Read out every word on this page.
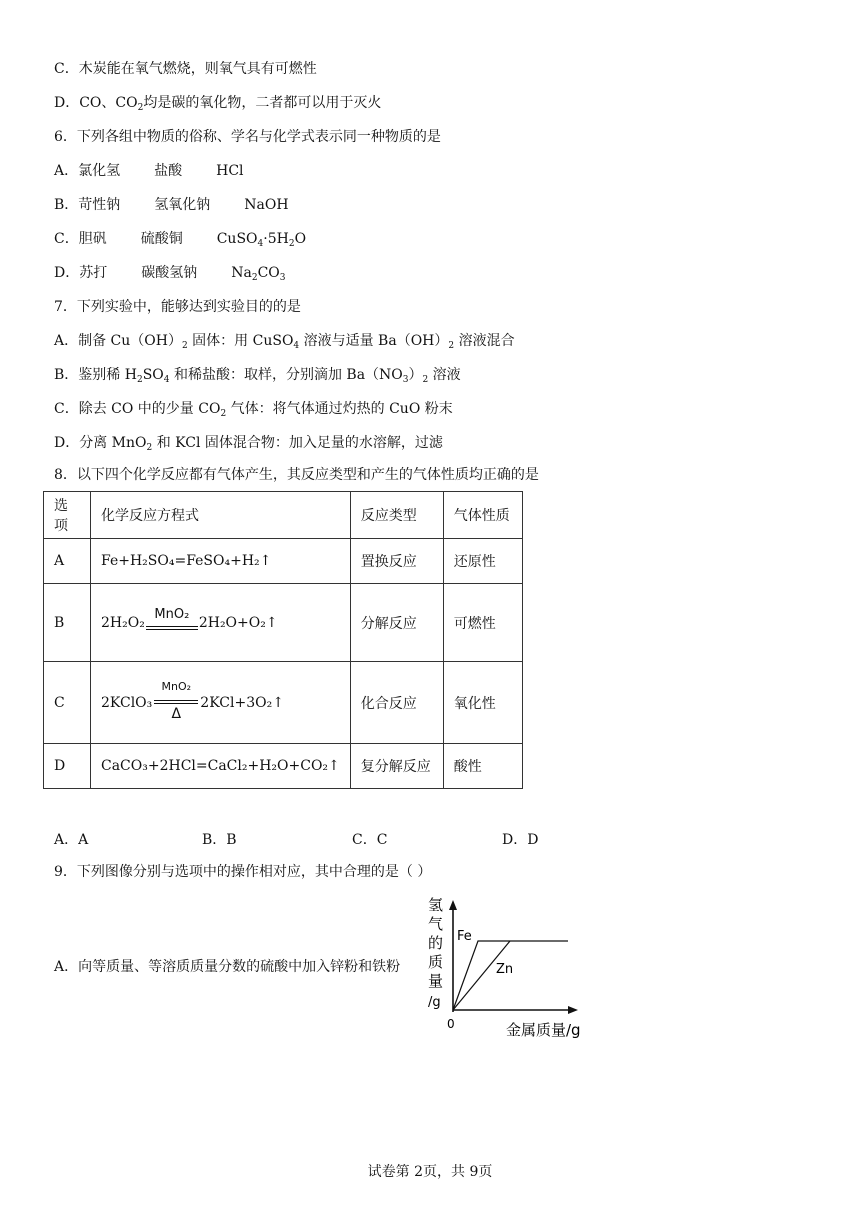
C．木炭能在氧气燃烧，则氧气具有可燃性
D．CO、$CO_2$均是碳的氧化物，二者都可以用于灭火
6．下列各组中物质的俗称、学名与化学式表示同一种物质的是
A．氯化氢 盐酸 HCl
B．苛性钠 氢氧化钠 NaOH
C．胆矾 硫酸铜 $CuSO_4\cdot 5H_2O$
D．苏打 碳酸氢钠 $Na_2CO_3$
7．下列实验中，能够达到实验目的的是
A．制备 $Cu(OH)_2$ 固体：用 CuSO$_4$ 溶液与适量 $Ba(OH)_2$ 溶液混合
B．鉴别稀 $H_2SO_4$ 和稀盐酸：取样，分别滴加 $Ba(NO_3)_2$ 溶液
C．除去 CO 中的少量 $CO_2$ 气体：将气体通过灼热的 CuO 粉末
D．分离 MnO$_2$ 和 KCl 固体混合物：加入足量的水溶解，过滤
8．以下四个化学反应都有气体产生，其反应类型和产生的气体性质均正确的是
选项	化学反应方程式	反应类型	气体性质
A	Fe+H₂SO₄=FeSO₄+H₂↑	置换反应	还原性
B	2H₂O₂
MnO₂
2H₂O+O₂↑	分解反应	可燃性
C	2KClO₃
MnO₂
Δ
2KCl+3O₂↑	化合反应	氧化性
D	CaCO₃+2HCl=CaCl₂+H₂O+CO₂↑	复分解反应	酸性
A．A	B．B	C．C	D．D
9．下列图像分别与选项中的操作相对应，其中合理的是（ ）
A．向等质量、等溶质质量分数的硫酸中加入锌粉和铁粉
氢
气
的
质
量
/g
0	金属质量/g
Fe
Zn
试卷第 2页，共 9页
